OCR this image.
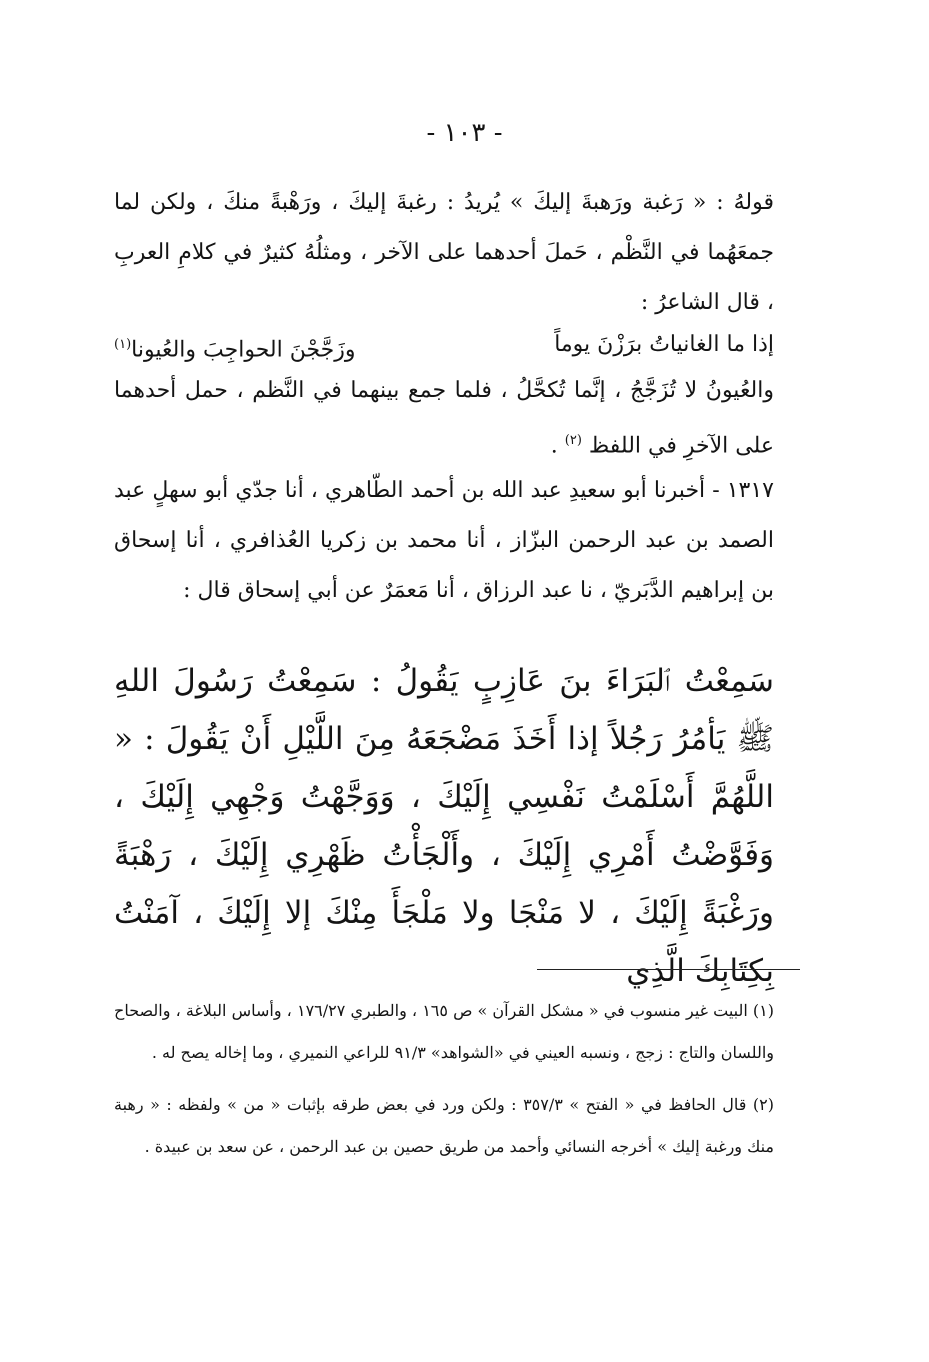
- ١٠٣ -
قولهُ : « رَغبة ورَهبةَ إليكَ » يُريدُ : رغبةَ إليكَ ، ورَهْبةً منكَ ، ولكن لما جمعَهُما في النَّظْم ، حَملَ أحدهما على الآخر ، ومثلُهُ كثيرٌ في كلامِ العربِ ، قال الشاعرُ :
إذا ما الغانياتُ برَزْنَ يوماً
وزَجَّجْنَ الحواجِبَ والعُيونا$^{(١)}$
والعُيونُ لا تُزَجَّجُ ، إنَّما تُكحَّلُ ، فلما جمع بينهما في النَّظم ، حمل أحدهما على الآخرِ في اللفظ $^{(٢)}$ .
١٣١٧ - أخبرنا أبو سعيدِ عبد الله بن أحمد الطّاهري ، أنا جدّي أبو سهلٍ عبد الصمد بن عبد الرحمن البزّاز ، أنا محمد بن زكريا العُذافري ، أنا إسحاق بن إبراهيم الدَّبَريّ ، نا عبد الرزاق ، أنا مَعمَرٌ عن أبي إسحاق قال :
سَمِعْتُ ٱلبَرَاءَ بنَ عَازِبٍ يَقُولُ : سَمِعْتُ رَسُولَ اللهِ ﷺ يَأمُرُ رَجُلاً إذا أَخَذَ مَضْجَعَهُ مِنَ اللَّيْلِ أَنْ يَقُولَ : « اللَّهُمَّ أَسْلَمْتُ نَفْسِي إِلَيْكَ ، وَوَجَّهْتُ وَجْهِي إِلَيْكَ ، وَفَوَّضْتُ أَمْرِي إِلَيْكَ ، وأَلْجَأْتُ ظَهْرِي إِلَيْكَ ، رَهْبَةً ورَغْبَةً إِلَيْكَ ، لا مَنْجَا ولا مَلْجَأَ مِنْكَ إلا إِلَيْكَ ، آمَنْتُ بِكِتَابِكَ الَّذِي
(١) البيت غير منسوب في « مشكل القرآن » ص ١٦٥ ، والطبري ١٧٦/٢٧ ، وأساس البلاغة ، والصحاح واللسان والتاج : زجج ، ونسبه العيني في «الشواهد» ٩١/٣ للراعي النميري ، وما إخاله يصح له .
(٢) قال الحافظ في « الفتح » ٣٥٧/٣ : ولكن ورد في بعض طرقه بإثبات « من » ولفظه : « رهبة منك ورغبة إليك » أخرجه النسائي وأحمد من طريق حصين بن عبد الرحمن ، عن سعد بن عبيدة .
